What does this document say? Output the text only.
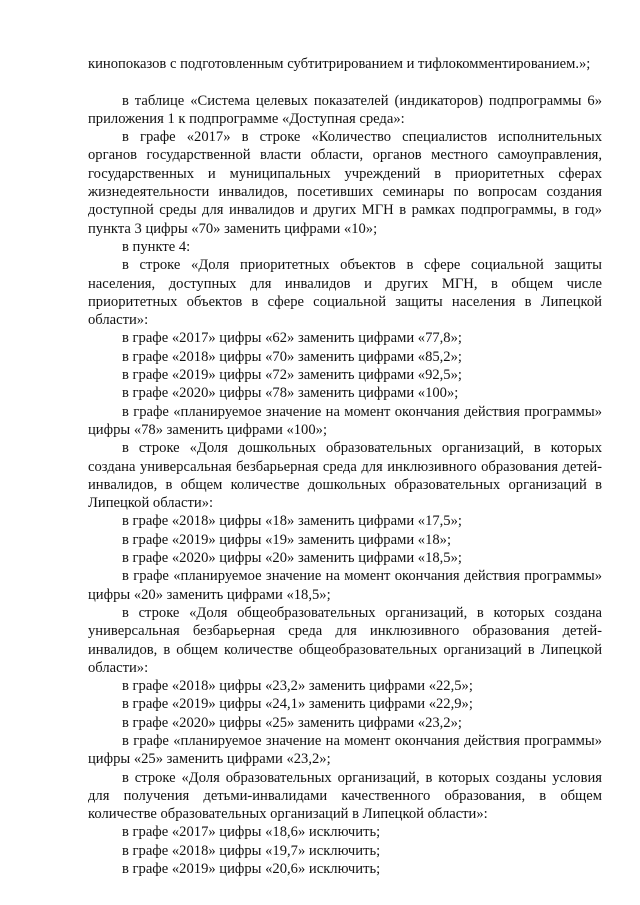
кинопоказов с подготовленным субтитрированием и тифлокомментированием.»;

в таблице «Система целевых показателей (индикаторов) подпрограммы 6» приложения 1 к подпрограмме «Доступная среда»:

в графе «2017» в строке «Количество специалистов исполнительных органов государственной власти области, органов местного самоуправления, государственных и муниципальных учреждений в приоритетных сферах жизнедеятельности инвалидов, посетивших семинары по вопросам создания доступной среды для инвалидов и других МГН в рамках подпрограммы, в год» пункта 3 цифры «70» заменить цифрами «10»;

в пункте 4:

в строке «Доля приоритетных объектов в сфере социальной защиты населения, доступных для инвалидов и других МГН, в общем числе приоритетных объектов в сфере социальной защиты населения в Липецкой области»:

в графе «2017» цифры «62» заменить цифрами «77,8»;

в графе «2018» цифры «70» заменить цифрами «85,2»;

в графе «2019» цифры «72» заменить цифрами «92,5»;

в графе «2020» цифры «78» заменить цифрами «100»;

в графе «планируемое значение на момент окончания действия программы» цифры «78» заменить цифрами «100»;

в строке «Доля дошкольных образовательных организаций, в которых создана универсальная безбарьерная среда для инклюзивного образования детей-инвалидов, в общем количестве дошкольных образовательных организаций в Липецкой области»:

в графе «2018» цифры «18» заменить цифрами «17,5»;

в графе «2019» цифры «19» заменить цифрами «18»;

в графе «2020» цифры «20» заменить цифрами «18,5»;

в графе «планируемое значение на момент окончания действия программы» цифры «20» заменить цифрами «18,5»;

в строке «Доля общеобразовательных организаций, в которых создана универсальная безбарьерная среда для инклюзивного образования детей-инвалидов, в общем количестве общеобразовательных организаций в Липецкой области»:

в графе «2018» цифры «23,2» заменить цифрами «22,5»;

в графе «2019» цифры «24,1» заменить цифрами «22,9»;

в графе «2020» цифры «25» заменить цифрами «23,2»;

в графе «планируемое значение на момент окончания действия программы» цифры «25» заменить цифрами «23,2»;

в строке «Доля образовательных организаций, в которых созданы условия для получения детьми-инвалидами качественного образования, в общем количестве образовательных организаций в Липецкой области»:

в графе «2017» цифры «18,6» исключить;

в графе «2018» цифры «19,7» исключить;

в графе «2019» цифры «20,6» исключить;
